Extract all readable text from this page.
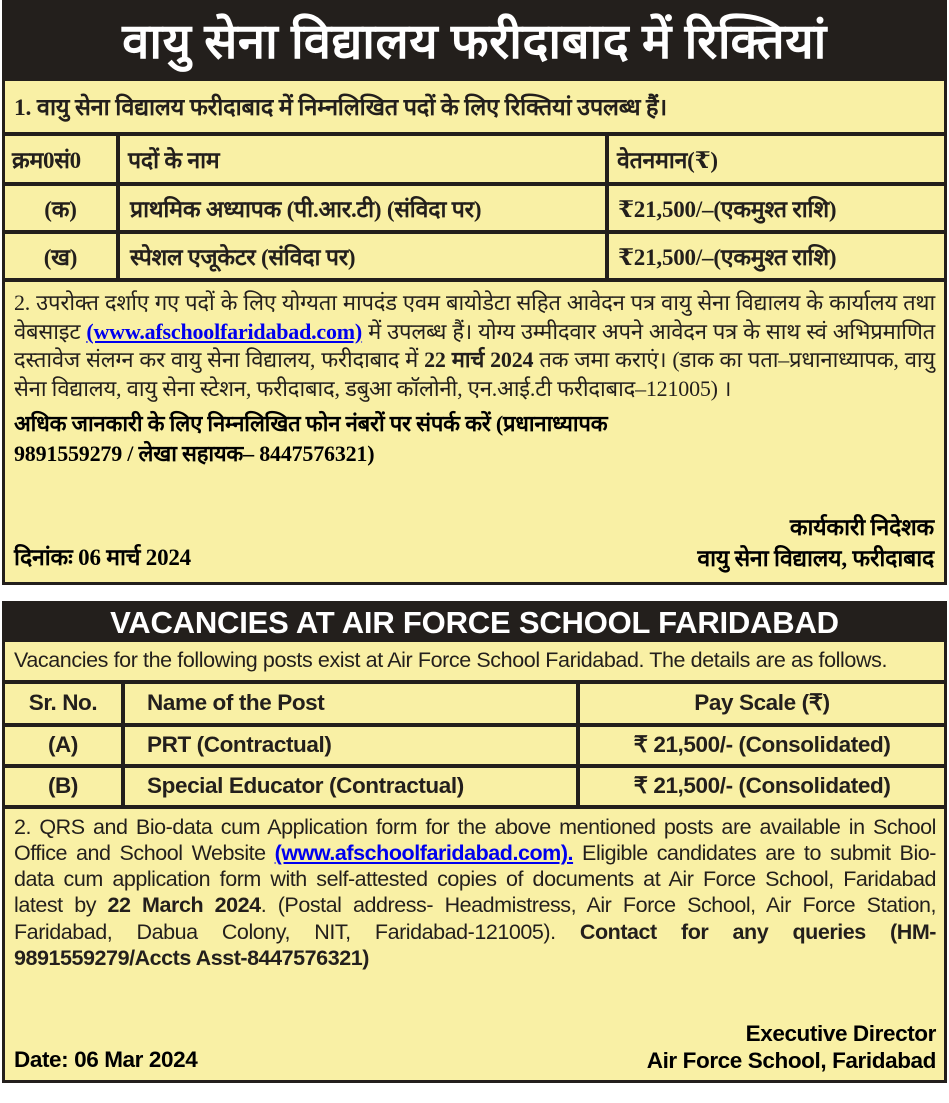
वायु सेना विद्यालय फरीदाबाद में रिक्तियां
1. वायु सेना विद्यालय फरीदाबाद में निम्नलिखित पदों के लिए रिक्तियां उपलब्ध हैं।
क्रम0सं0	पदों के नाम	वेतनमान(₹)
(क)	प्राथमिक अध्यापक (पी.आर.टी) (संविदा पर)	₹21,500/–(एकमुश्त राशि)
(ख)	स्पेशल एजूकेटर (संविदा पर)	₹21,500/–(एकमुश्त राशि)
2. उपरोक्त दर्शाए गए पदों के लिए योग्यता मापदंड एवम बायोडेटा सहित आवेदन पत्र वायु सेना विद्यालय के कार्यालय तथा वेबसाइट (www.afschoolfaridabad.com) में उपलब्ध हैं। योग्य उम्मीदवार अपने आवेदन पत्र के साथ स्वं अभिप्रमाणित दस्तावेज संलग्न कर वायु सेना विद्यालय, फरीदाबाद में 22 मार्च 2024 तक जमा कराएं। (डाक का पता–प्रधानाध्यापक, वायु सेना विद्यालय, वायु सेना स्टेशन, फरीदाबाद, डबुआ कॉलोनी, एन.आई.टी फरीदाबाद–121005) ।
अधिक जानकारी के लिए निम्नलिखित फोन नंबरों पर संपर्क करें (प्रधानाध्यापक
9891559279 / लेखा सहायक– 8447576321)
दिनांकः 06 मार्च 2024
कार्यकारी निदेशक
वायु सेना विद्यालय, फरीदाबाद
VACANCIES AT AIR FORCE SCHOOL FARIDABAD
Vacancies for the following posts exist at Air Force School Faridabad. The details are as follows.
Sr. No.	Name of the Post	Pay Scale (₹)
(A)	PRT (Contractual)	₹ 21,500/- (Consolidated)
(B)	Special Educator (Contractual)	₹ 21,500/- (Consolidated)
2. QRS and Bio-data cum Application form for the above mentioned posts are available in School Office and School Website (www.afschoolfaridabad.com). Eligible candidates are to submit Bio-data cum application form with self-attested copies of documents at Air Force School, Faridabad latest by 22 March 2024. (Postal address- Headmistress, Air Force School, Air Force Station, Faridabad, Dabua Colony, NIT, Faridabad-121005). Contact for any queries (HM- 9891559279/Accts Asst-8447576321)
Date: 06 Mar 2024
Executive Director
Air Force School, Faridabad
